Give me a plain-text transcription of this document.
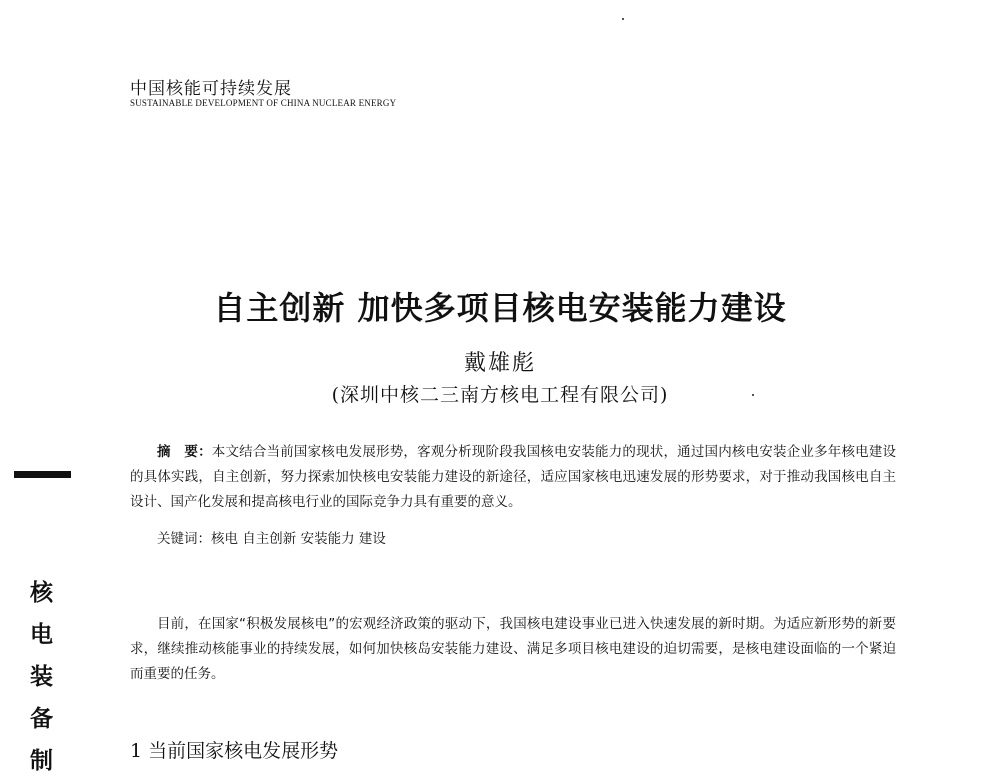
中国核能可持续发展
SUSTAINABLE DEVELOPMENT OF CHINA NUCLEAR ENERGY
自主创新 加快多项目核电安装能力建设
戴雄彪
(深圳中核二三南方核电工程有限公司)
摘　要：本文结合当前国家核电发展形势，客观分析现阶段我国核电安装能力的现状，通过国内核电安装企业多年核电建设的具体实践，自主创新，努力探索加快核电安装能力建设的新途径，适应国家核电迅速发展的形势要求，对于推动我国核电自主设计、国产化发展和提高核电行业的国际竞争力具有重要的意义。
关键词：核电 自主创新 安装能力 建设
目前，在国家“积极发展核电”的宏观经济政策的驱动下，我国核电建设事业已进入快速发展的新时期。为适应新形势的新要求，继续推动核能事业的持续发展，如何加快核岛安装能力建设、满足多项目核电建设的迫切需要，是核电建设面临的一个紧迫而重要的任务。
1 当前国家核电发展形势
核
电
装
备
制
